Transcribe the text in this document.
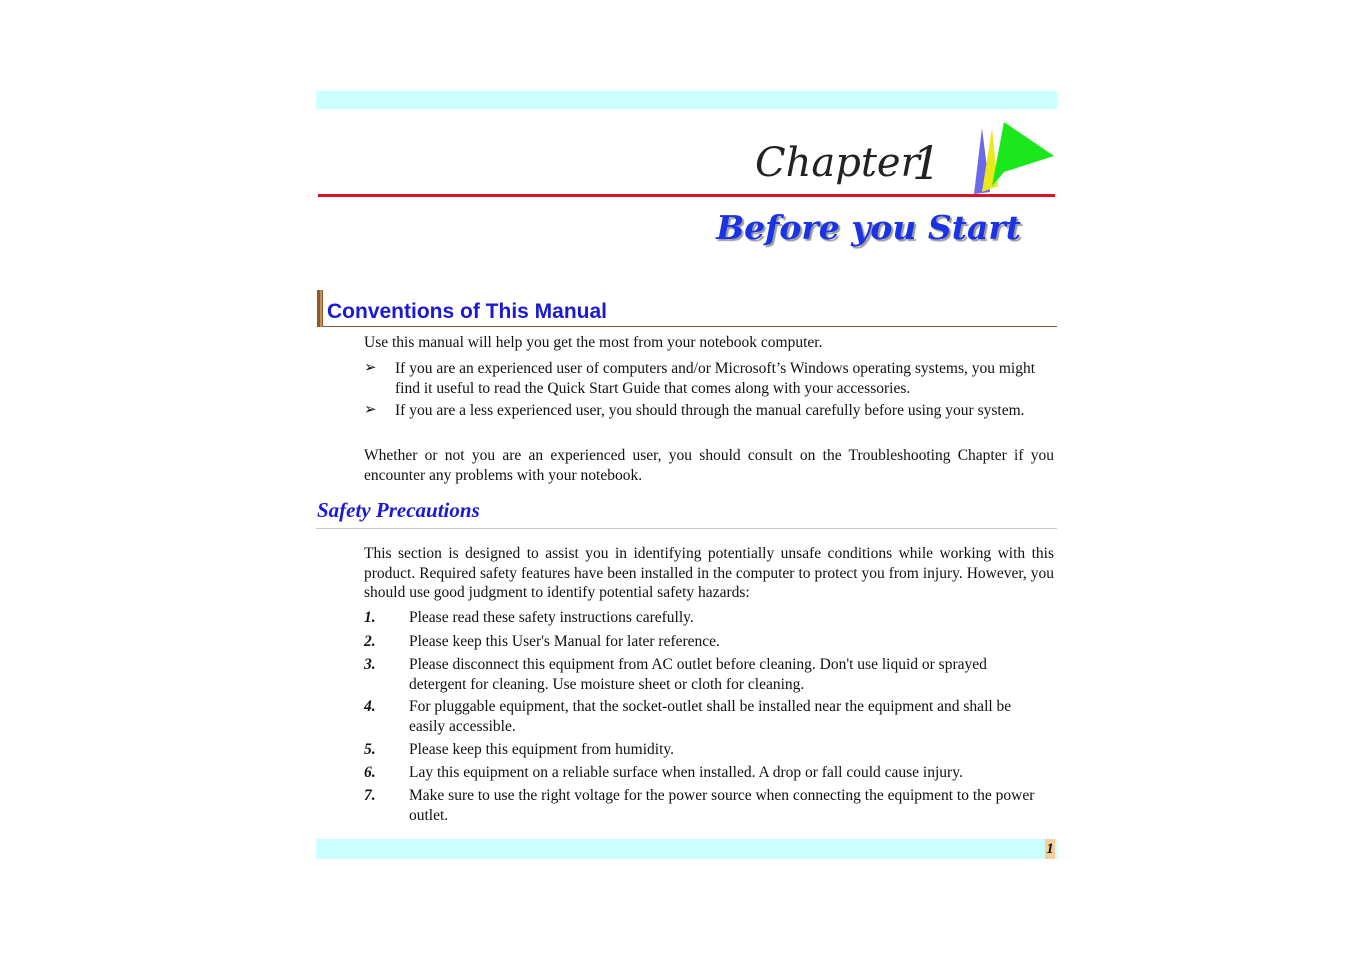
Chapter
1
Before you Start
Conventions of This Manual
Use this manual will help you get the most from your notebook computer.
➢ If you are an experienced user of computers and/or Microsoft’s Windows operating systems, you might find it useful to read the Quick Start Guide that comes along with your accessories.
➢ If you are a less experienced user, you should through the manual carefully before using your system.
Whether or not you are an experienced user, you should consult on the Troubleshooting Chapter if you encounter any problems with your notebook.
Safety Precautions
This section is designed to assist you in identifying potentially unsafe conditions while working with this product. Required safety features have been installed in the computer to protect you from injury. However, you should use good judgment to identify potential safety hazards:
1. Please read these safety instructions carefully.
2. Please keep this User's Manual for later reference.
3. Please disconnect this equipment from AC outlet before cleaning. Don't use liquid or sprayed detergent for cleaning. Use moisture sheet or cloth for cleaning.
4. For pluggable equipment, that the socket-outlet shall be installed near the equipment and shall be easily accessible.
5. Please keep this equipment from humidity.
6. Lay this equipment on a reliable surface when installed. A drop or fall could cause injury.
7. Make sure to use the right voltage for the power source when connecting the equipment to the power outlet.
1
